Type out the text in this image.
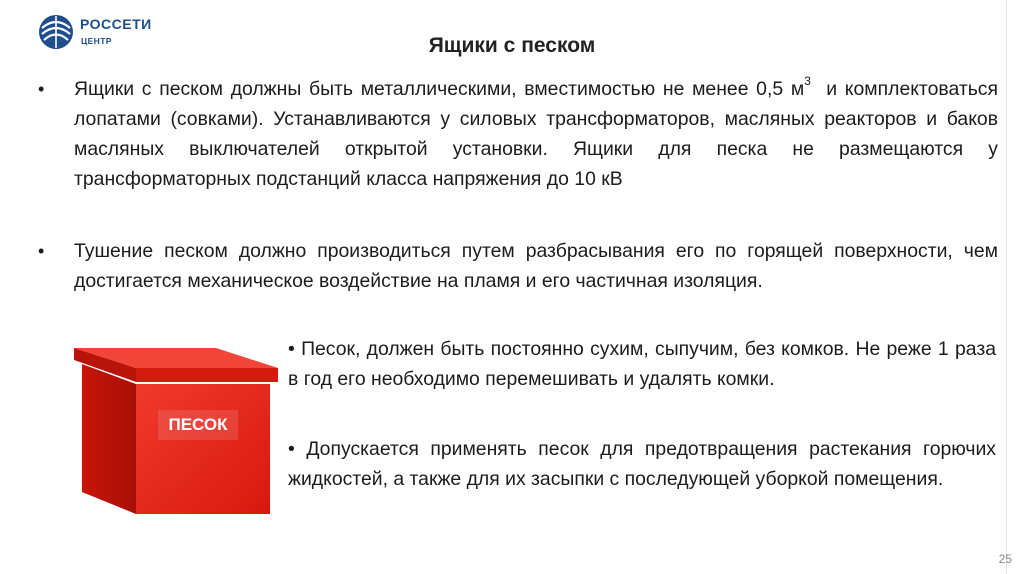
РОССЕТИ
ЦЕНТР	Ящики с песком
• Ящики с песком должны быть металлическими, вместимостью не менее 0,5 $м^3$  и комплектоваться лопатами (совками). Устанавливаются у силовых трансформаторов, масляных реакторов и баков масляных выключателей открытой установки. Ящики для песка не размещаются у трансформаторных подстанций класса напряжения до 10 кВ
• Тушение песком должно производиться путем разбрасывания его по горящей поверхности, чем достигается механическое воздействие на пламя и его частичная изоляция.
ПЕСОК
• Песок, должен быть постоянно сухим, сыпучим, без комков. Не реже 1 раза в год его необходимо перемешивать и удалять комки.
• Допускается применять песок для предотвращения растекания горючих жидкостей, а также для их засыпки с последующей уборкой помещения.
25
